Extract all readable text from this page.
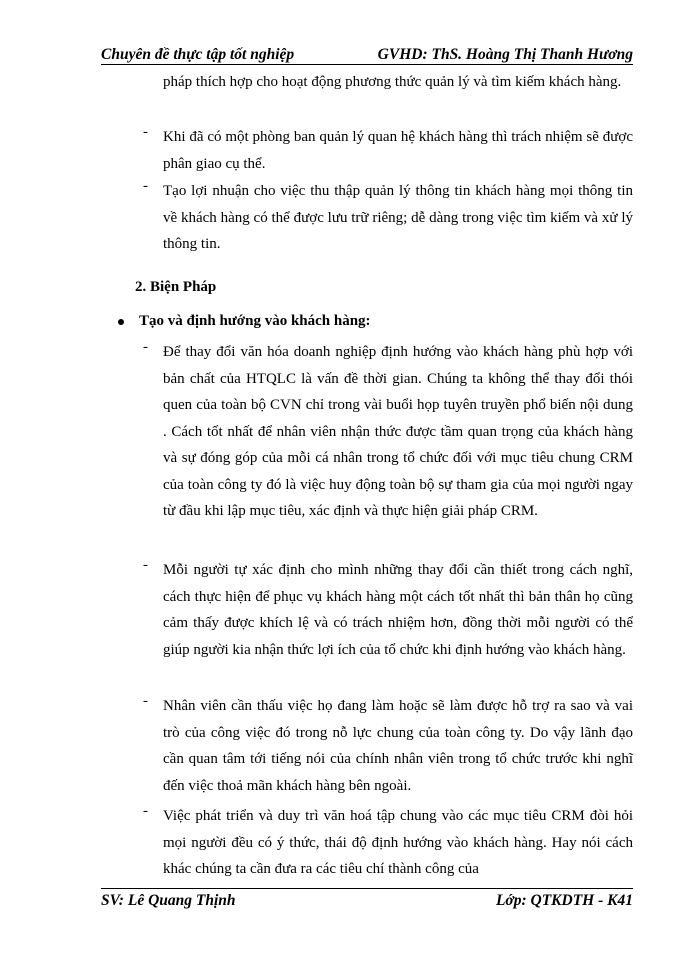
Chuyên đề thực tập tốt nghiệp	GVHD: ThS. Hoàng Thị Thanh Hương
pháp thích hợp cho hoạt động phương thức quản lý và tìm kiếm khách hàng.
- Khi đã có một phòng ban quản lý quan hệ khách hàng thì trách nhiệm sẽ được phân giao cụ thể.
- Tạo lợi nhuận cho việc thu thập quản lý thông tin khách hàng mọi thông tin về khách hàng có thể được lưu trữ riêng; dễ dàng trong việc tìm kiếm và xử lý thông tin.
2. Biện Pháp
Tạo và định hướng vào khách hàng:
- Để thay đổi văn hóa doanh nghiệp định hướng vào khách hàng phù hợp với bản chất của HTQLC là vấn đề thời gian. Chúng ta không thể thay đổi thói quen của toàn bộ CVN chỉ trong vài buổi họp tuyên truyền phổ biến nội dung . Cách tốt nhất để nhân viên nhận thức được tầm quan trọng của khách hàng và sự đóng góp của mỗi cá nhân trong tổ chức đối với mục tiêu chung CRM của toàn công ty đó là việc huy động toàn bộ sự tham gia của mọi người ngay từ đầu khi lập mục tiêu, xác định và thực hiện giải pháp CRM.
- Mỗi người tự xác định cho mình những thay đổi cần thiết trong cách nghĩ, cách thực hiện để phục vụ khách hàng một cách tốt nhất thì bản thân họ cũng cảm thấy được khích lệ và có trách nhiệm hơn, đồng thời mỗi người có thể giúp người kia nhận thức lợi ích của tổ chức khi định hướng vào khách hàng.
- Nhân viên cần thấu việc họ đang làm hoặc sẽ làm được hỗ trợ ra sao và vai trò của công việc đó trong nỗ lực chung của toàn công ty. Do vậy lãnh đạo cần quan tâm tới tiếng nói của chính nhân viên trong tổ chức trước khi nghĩ đến việc thoả mãn khách hàng bên ngoài.
- Việc phát triển và duy trì văn hoá tập chung vào các mục tiêu CRM đòi hỏi mọi người đều có ý thức, thái độ định hướng vào khách hàng. Hay nói cách khác chúng ta cần đưa ra các tiêu chí thành công của
SV: Lê Quang Thịnh	Lớp: QTKDTH - K41
